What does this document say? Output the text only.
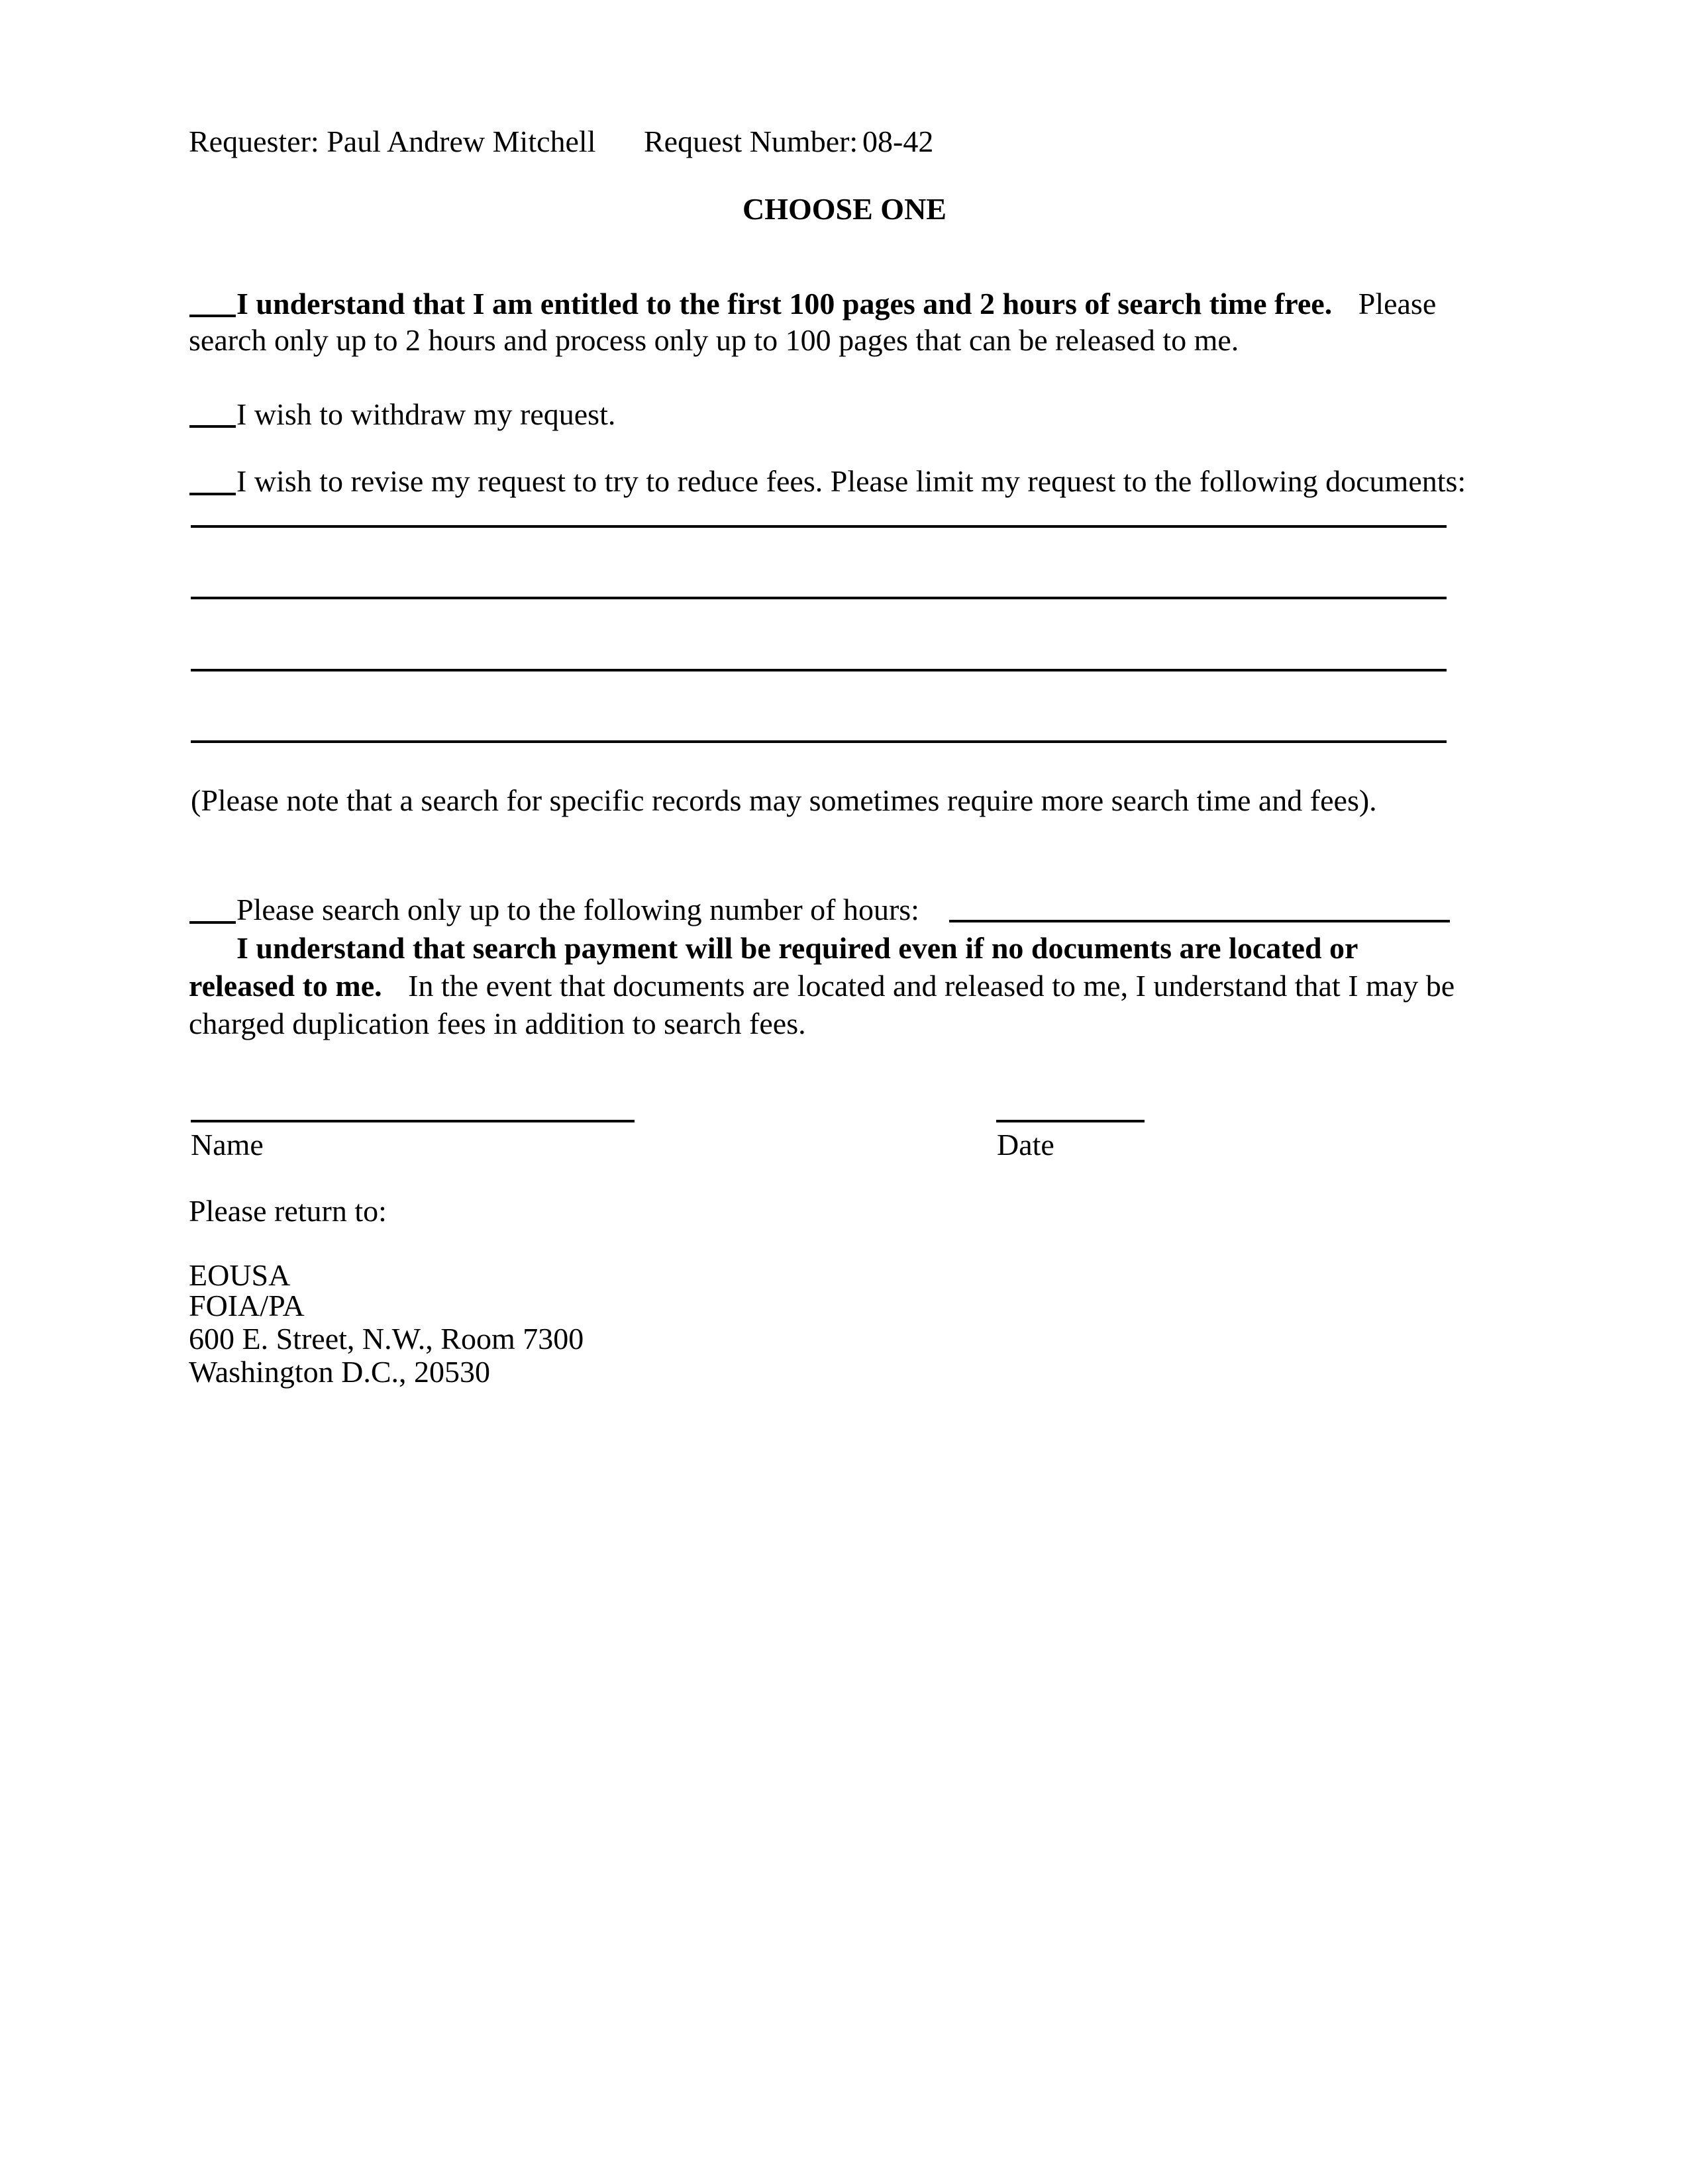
Requester: Paul Andrew Mitchell Request Number: 08-42
CHOOSE ONE
I understand that I am entitled to the first 100 pages and 2 hours of search time free. Please
search only up to 2 hours and process only up to 100 pages that can be released to me.
I wish to withdraw my request.
I wish to revise my request to try to reduce fees. Please limit my request to the following documents:
(Please note that a search for specific records may sometimes require more search time and fees).
Please search only up to the following number of hours:
I understand that search payment will be required even if no documents are located or
released to me. In the event that documents are located and released to me, I understand that I may be
charged duplication fees in addition to search fees.
Name	Date
Please return to:
EOUSA
FOIA/PA
600 E. Street, N.W., Room 7300
Washington D.C., 20530
